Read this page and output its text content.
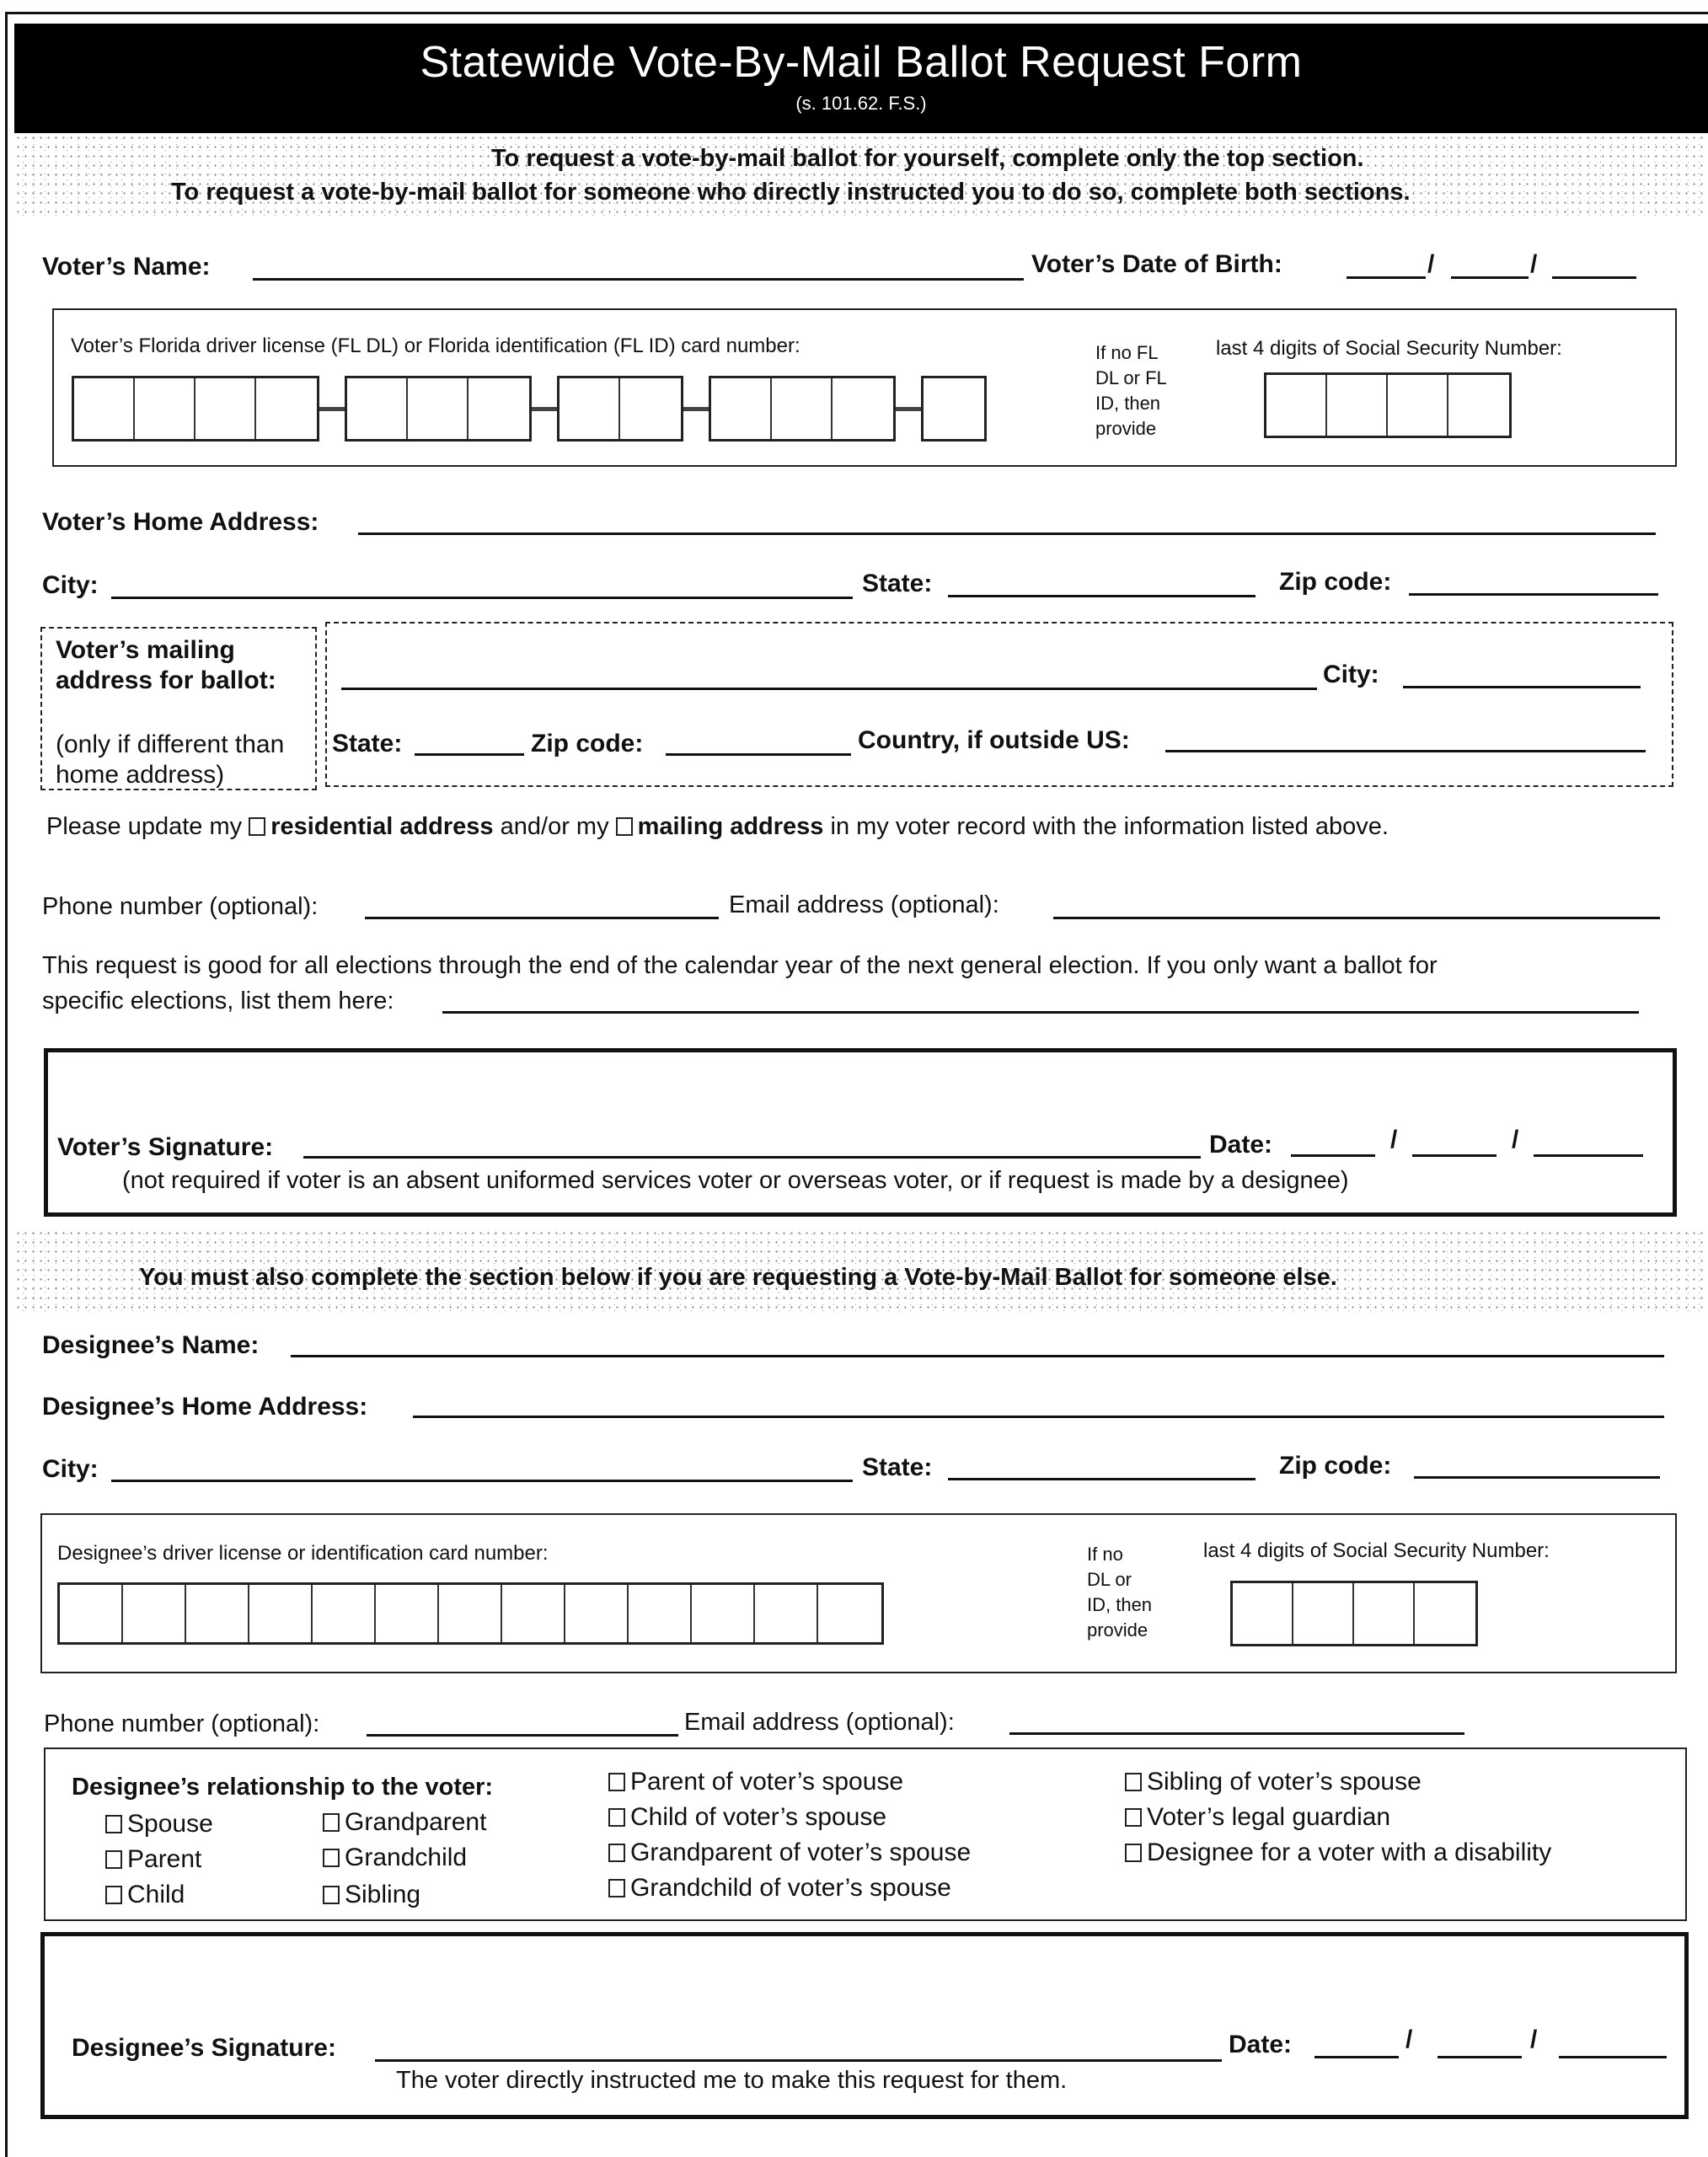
Statewide Vote-By-Mail Ballot Request Form
(s. 101.62. F.S.)
To request a vote-by-mail ballot for yourself, complete only the top section.
To request a vote-by-mail ballot for someone who directly instructed you to do so, complete both sections.
Voter’s Name:	Voter’s Date of Birth:	/	/
Voter’s Florida driver license (FL DL) or Florida identification (FL ID) card number:	If no FL
DL or FL
ID, then
provide
last 4 digits of Social Security Number:
Voter’s Home Address:
City:	State:	Zip code:
Voter’s mailing
address for ballot:
(only if different than
home address)
City:
State:	Zip code:	Country, if outside US:
Please update my residential address and/or my mailing address in my voter record with the information listed above.
Phone number (optional):	Email address (optional):
This request is good for all elections through the end of the calendar year of the next general election. If you only want a ballot for
specific elections, list them here:
Voter’s Signature:	Date:	/	/
(not required if voter is an absent uniformed services voter or overseas voter, or if request is made by a designee)
You must also complete the section below if you are requesting a Vote-by-Mail Ballot for someone else.
Designee’s Name:
Designee’s Home Address:
City:	State:	Zip code:
Designee’s driver license or identification card number:	If no
DL or
ID, then
provide
last 4 digits of Social Security Number:
Phone number (optional):	Email address (optional):
Designee’s relationship to the voter:
Spouse
Parent
Child
Grandparent
Grandchild
Sibling
Parent of voter’s spouse
Child of voter’s spouse
Grandparent of voter’s spouse
Grandchild of voter’s spouse
Sibling of voter’s spouse
Voter’s legal guardian
Designee for a voter with a disability
Designee’s Signature:	Date:	/	/
The voter directly instructed me to make this request for them.
